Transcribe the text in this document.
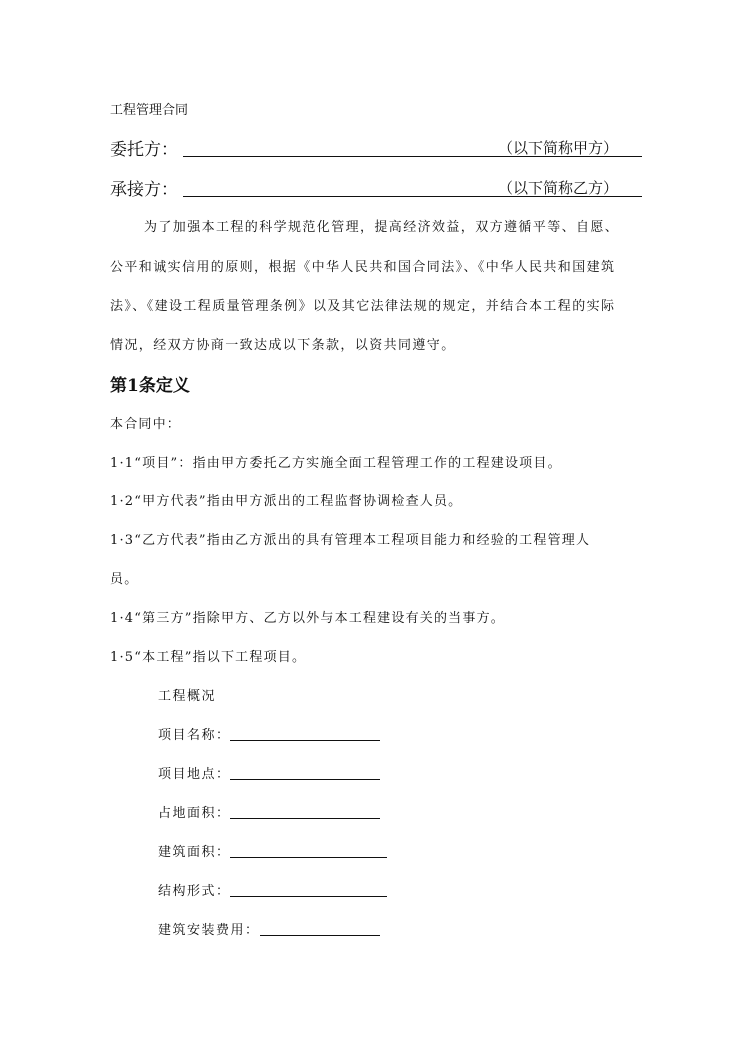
工程管理合同
委托方：	（以下简称甲方）
承接方：	（以下简称乙方）
为了加强本工程的科学规范化管理，提高经济效益，双方遵循平等、自愿、
公平和诚实信用的原则，根据《中华人民共和国合同法》、《中华人民共和国建筑
法》、《建设工程质量管理条例》以及其它法律法规的规定，并结合本工程的实际
情况，经双方协商一致达成以下条款，以资共同遵守。
第1条定义
本合同中：
1·1“项目”：指由甲方委托乙方实施全面工程管理工作的工程建设项目。
1·2“甲方代表”指由甲方派出的工程监督协调检查人员。
1·3“乙方代表”指由乙方派出的具有管理本工程项目能力和经验的工程管理人
员。
1·4“第三方”指除甲方、乙方以外与本工程建设有关的当事方。
1·5“本工程”指以下工程项目。
工程概况
项目名称：
项目地点：
占地面积：
建筑面积：
结构形式：
建筑安装费用：
